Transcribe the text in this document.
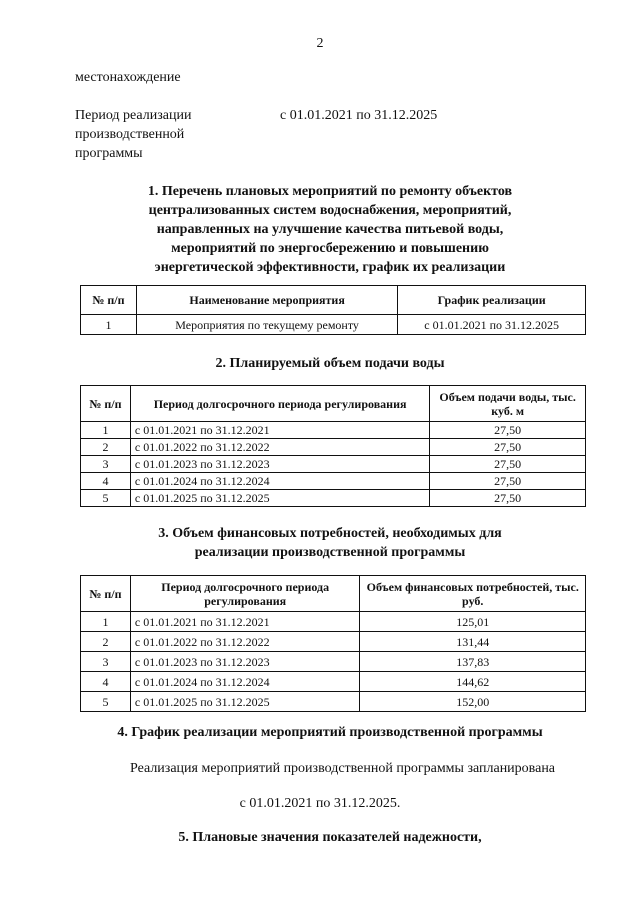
2
местонахождение
Период реализации
производственной
программы
с 01.01.2021 по 31.12.2025
1. Перечень плановых мероприятий по ремонту объектов
централизованных систем водоснабжения, мероприятий,
направленных на улучшение качества питьевой воды,
мероприятий по энергосбережению и повышению
энергетической эффективности, график их реализации
№ п/п	Наименование мероприятия	График реализации
1	Мероприятия по текущему ремонту	с 01.01.2021 по 31.12.2025
2. Планируемый объем подачи воды
№ п/п	Период долгосрочного периода регулирования	Объем подачи воды, тыс. куб. м
1	с 01.01.2021 по 31.12.2021	27,50
2	с 01.01.2022 по 31.12.2022	27,50
3	с 01.01.2023 по 31.12.2023	27,50
4	с 01.01.2024 по 31.12.2024	27,50
5	с 01.01.2025 по 31.12.2025	27,50
3. Объем финансовых потребностей, необходимых для
реализации производственной программы
№ п/п	Период долгосрочного периода регулирования	Объем финансовых потребностей, тыс. руб.
1	с 01.01.2021 по 31.12.2021	125,01
2	с 01.01.2022 по 31.12.2022	131,44
3	с 01.01.2023 по 31.12.2023	137,83
4	с 01.01.2024 по 31.12.2024	144,62
5	с 01.01.2025 по 31.12.2025	152,00
4. График реализации мероприятий производственной программы
Реализация мероприятий производственной программы запланирована
с 01.01.2021 по 31.12.2025.
5. Плановые значения показателей надежности,
